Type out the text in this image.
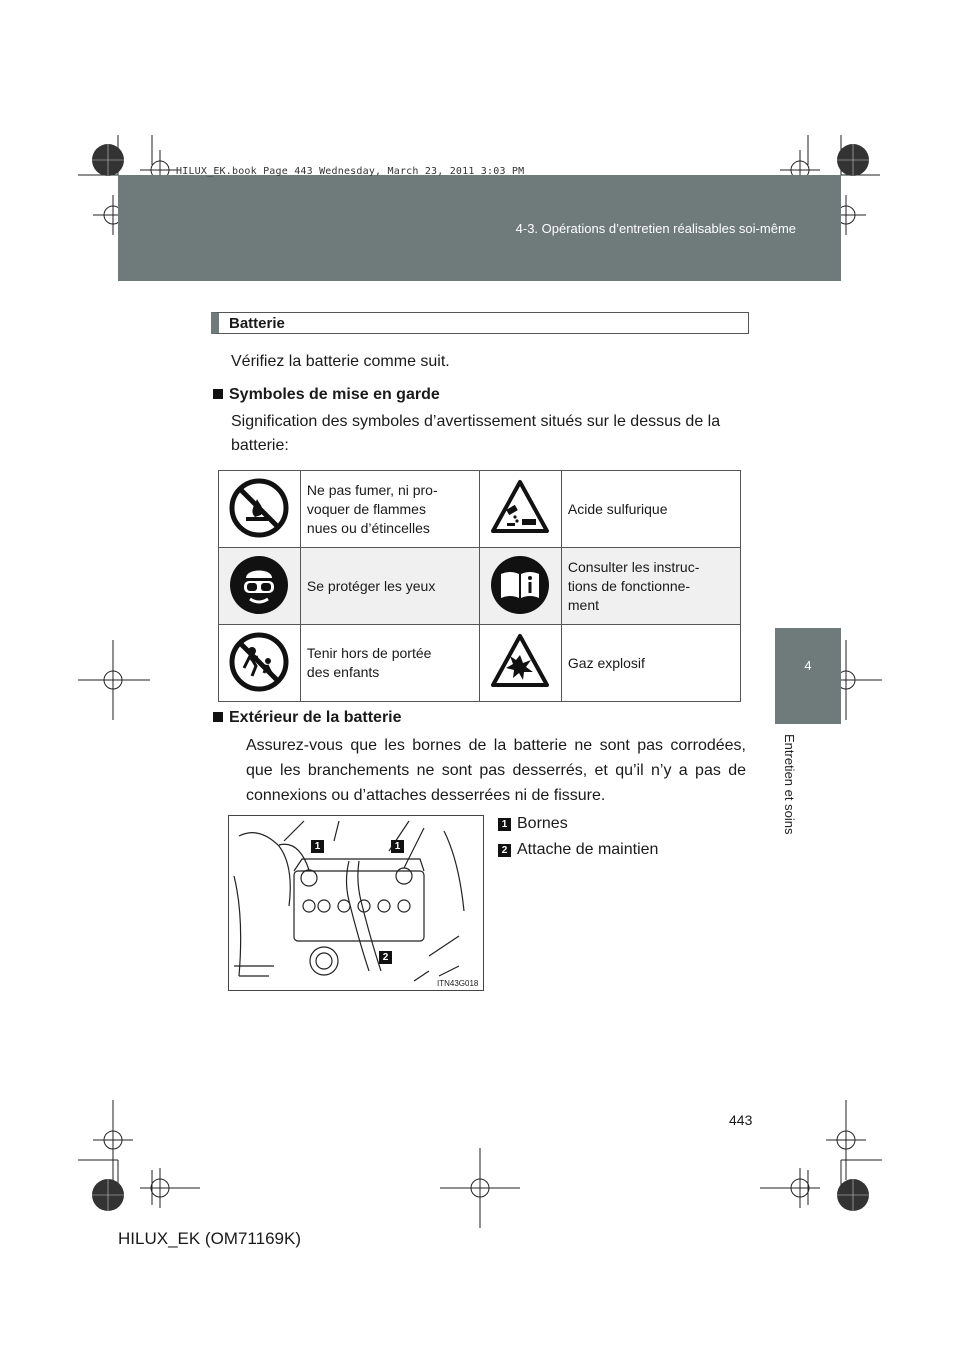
HILUX_EK.book Page 443 Wednesday, March 23, 2011 3:03 PM
4-3. Opérations d’entretien réalisables soi-même
4
Entretien et soins
Batterie
Vérifiez la batterie comme suit.
Symboles de mise en garde
Signification des symboles d’avertissement situés sur le dessus de la batterie:

Ne pas fumer, ni pro-
voquer de flammes
nues ou d’étincelles		Acide sulfurique

Se protéger les yeux		Consulter les instruc-
tions de fonctionne-
ment

Tenir hors de portée
des enfants		Gaz explosif
Extérieur de la batterie
Assurez-vous que les bornes de la batterie ne sont pas corrodées,
que les branchements ne sont pas desserrés, et qu’il n’y a pas de
connexions ou d’attaches desserrées ni de fissure.
1	1
2
ITN43G018
1 Bornes
2 Attache de maintien
443
HILUX_EK (OM71169K)
